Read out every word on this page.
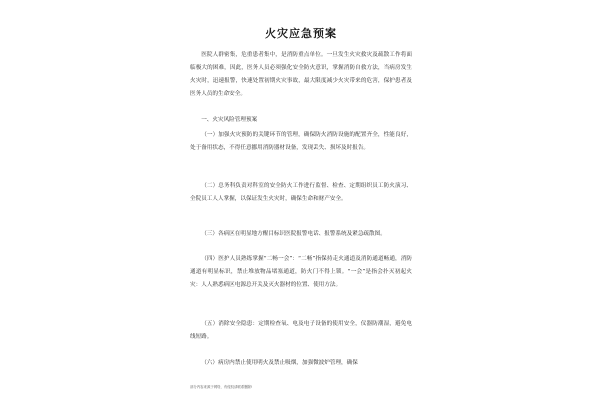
火灾应急预案

医院人群密集，危重患者集中，是消防重点单位。一旦发生火灾救灾及疏散工作将面临极大的困难，因此，医务人员必须强化安全防火意识，掌握消防自救方法，当病房发生火灾时，迅速报警，快速处置初期火灾事故，最大限度减少火灾带来的危害，保护患者及医务人员的生命安全。

一、火灾风险管理预案

（一）加强火灾预防的关键环节的管理，确保防火消防设施的配置齐全，性能良好，处于备用状态，不得任意挪用消防器材设备，发现丢失、损坏及时报告。

（二）总务科负责对科室的安全防火工作进行监督、检查、定期组织员工防火演习、全院员工人人掌握，以保证发生火灾时，确保生命和财产安全。

（三）各病区在明显地方醒目标识医院报警电话、报警系统及紧急疏散图。

（四）医护人员熟练掌握“二畅一会”：“二畅”指保持走火通道及消防通道畅通，消防通道有明显标识，禁止堆放物品堵塞通道，防火门不得上锁。“一会”是指会扑灭初起火灾：人人熟悉病区电源总开关及灭火器材的位置、使用方法。

（五）消除安全隐患：定期检查氧、电及电子设备的使用安全，仪器防潮湿，避免电线短路。

（六）病房内禁止使用明火及禁止吸烟，加强微波炉管理，确保

部分内容来源于网络，有侵权请联系删除!
